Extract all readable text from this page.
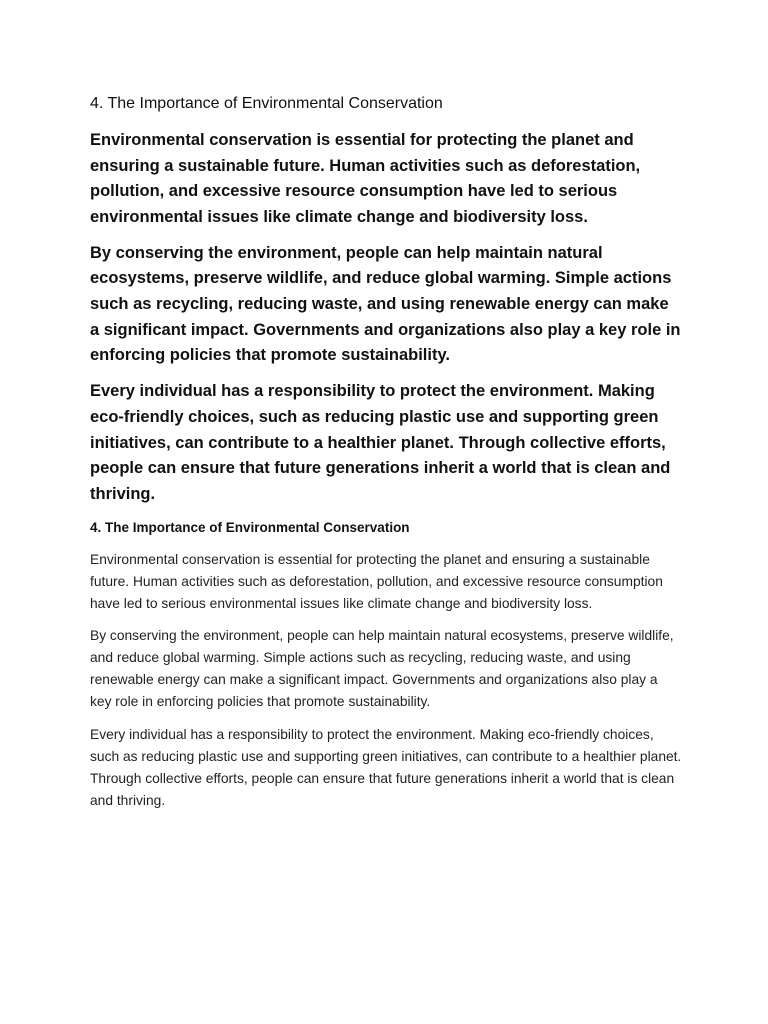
4. The Importance of Environmental Conservation

Environmental conservation is essential for protecting the planet and ensuring a sustainable future. Human activities such as deforestation, pollution, and excessive resource consumption have led to serious environmental issues like climate change and biodiversity loss.

By conserving the environment, people can help maintain natural ecosystems, preserve wildlife, and reduce global warming. Simple actions such as recycling, reducing waste, and using renewable energy can make a significant impact. Governments and organizations also play a key role in enforcing policies that promote sustainability.

Every individual has a responsibility to protect the environment. Making eco-friendly choices, such as reducing plastic use and supporting green initiatives, can contribute to a healthier planet. Through collective efforts, people can ensure that future generations inherit a world that is clean and thriving.

4. The Importance of Environmental Conservation

Environmental conservation is essential for protecting the planet and ensuring a sustainable future. Human activities such as deforestation, pollution, and excessive resource consumption have led to serious environmental issues like climate change and biodiversity loss.

By conserving the environment, people can help maintain natural ecosystems, preserve wildlife, and reduce global warming. Simple actions such as recycling, reducing waste, and using renewable energy can make a significant impact. Governments and organizations also play a key role in enforcing policies that promote sustainability.

Every individual has a responsibility to protect the environment. Making eco-friendly choices, such as reducing plastic use and supporting green initiatives, can contribute to a healthier planet. Through collective efforts, people can ensure that future generations inherit a world that is clean and thriving.
